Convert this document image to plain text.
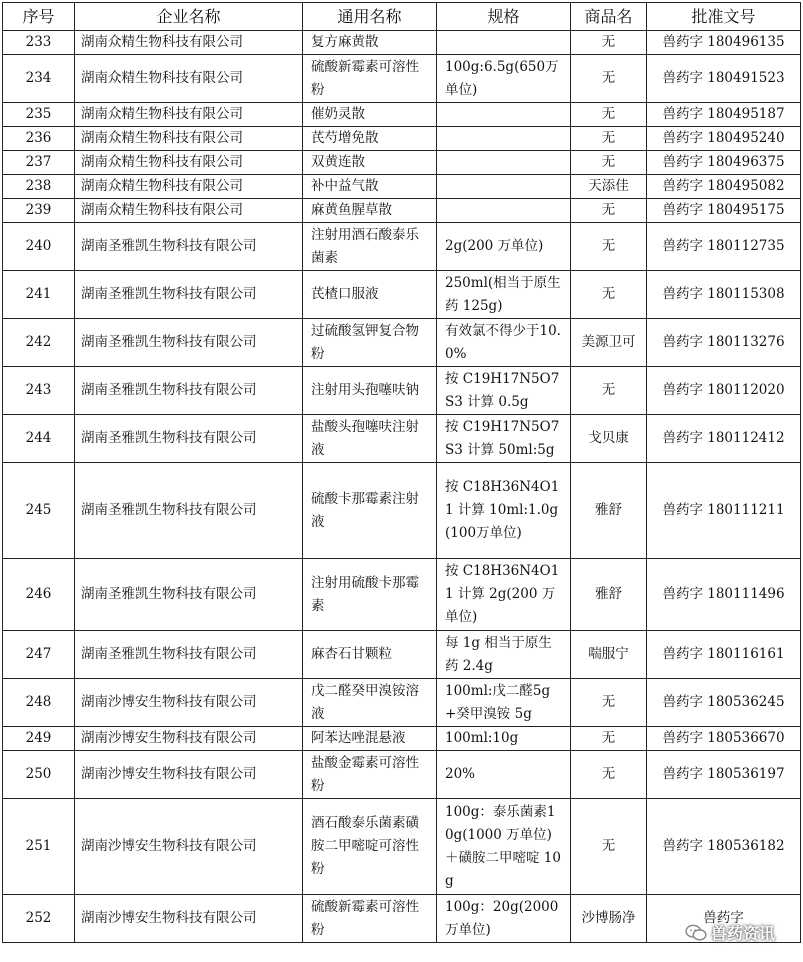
序号	企业名称	通用名称	规格	商品名	批准文号
233	湖南众精生物科技有限公司	复方麻黄散		无	兽药字 180496135
234	湖南众精生物科技有限公司	硫酸新霉素可溶性粉	100g:6.5g(650万单位)	无	兽药字 180491523
235	湖南众精生物科技有限公司	催奶灵散		无	兽药字 180495187
236	湖南众精生物科技有限公司	芪芍增免散		无	兽药字 180495240
237	湖南众精生物科技有限公司	双黄连散		无	兽药字 180496375
238	湖南众精生物科技有限公司	补中益气散		天添佳	兽药字 180495082
239	湖南众精生物科技有限公司	麻黄鱼腥草散		无	兽药字 180495175
240	湖南圣雅凯生物科技有限公司	注射用酒石酸泰乐菌素	2g(200 万单位)	无	兽药字 180112735
241	湖南圣雅凯生物科技有限公司	芪楂口服液	250ml(相当于原生药 125g)	无	兽药字 180115308
242	湖南圣雅凯生物科技有限公司	过硫酸氢钾复合物粉	有效氯不得少于10.0%	美源卫可	兽药字 180113276
243	湖南圣雅凯生物科技有限公司	注射用头孢噻呋钠	按 C19H17N5O7S3 计算 0.5g	无	兽药字 180112020
244	湖南圣雅凯生物科技有限公司	盐酸头孢噻呋注射液	按 C19H17N5O7S3 计算 50ml:5g	戈贝康	兽药字 180112412
245	湖南圣雅凯生物科技有限公司	硫酸卡那霉素注射液	按 C18H36N4O11 计算 10ml:1.0g(100万单位)	雅舒	兽药字 180111211
246	湖南圣雅凯生物科技有限公司	注射用硫酸卡那霉素	按 C18H36N4O11 计算 2g(200 万单位)	雅舒	兽药字 180111496
247	湖南圣雅凯生物科技有限公司	麻杏石甘颗粒	每 1g 相当于原生药 2.4g	喘服宁	兽药字 180116161
248	湖南沙博安生物科技有限公司	戊二醛癸甲溴铵溶液	100ml:戊二醛5g+癸甲溴铵 5g	无	兽药字 180536245
249	湖南沙博安生物科技有限公司	阿苯达唑混悬液	100ml:10g	无	兽药字 180536670
250	湖南沙博安生物科技有限公司	盐酸金霉素可溶性粉	20%	无	兽药字 180536197
251	湖南沙博安生物科技有限公司	酒石酸泰乐菌素磺胺二甲嘧啶可溶性粉	100g：泰乐菌素10g(1000 万单位)＋磺胺二甲嘧啶 10g	无	兽药字 180536182
252	湖南沙博安生物科技有限公司	硫酸新霉素可溶性粉	100g：20g(2000万单位)	沙博肠净	兽药字
兽药资讯
